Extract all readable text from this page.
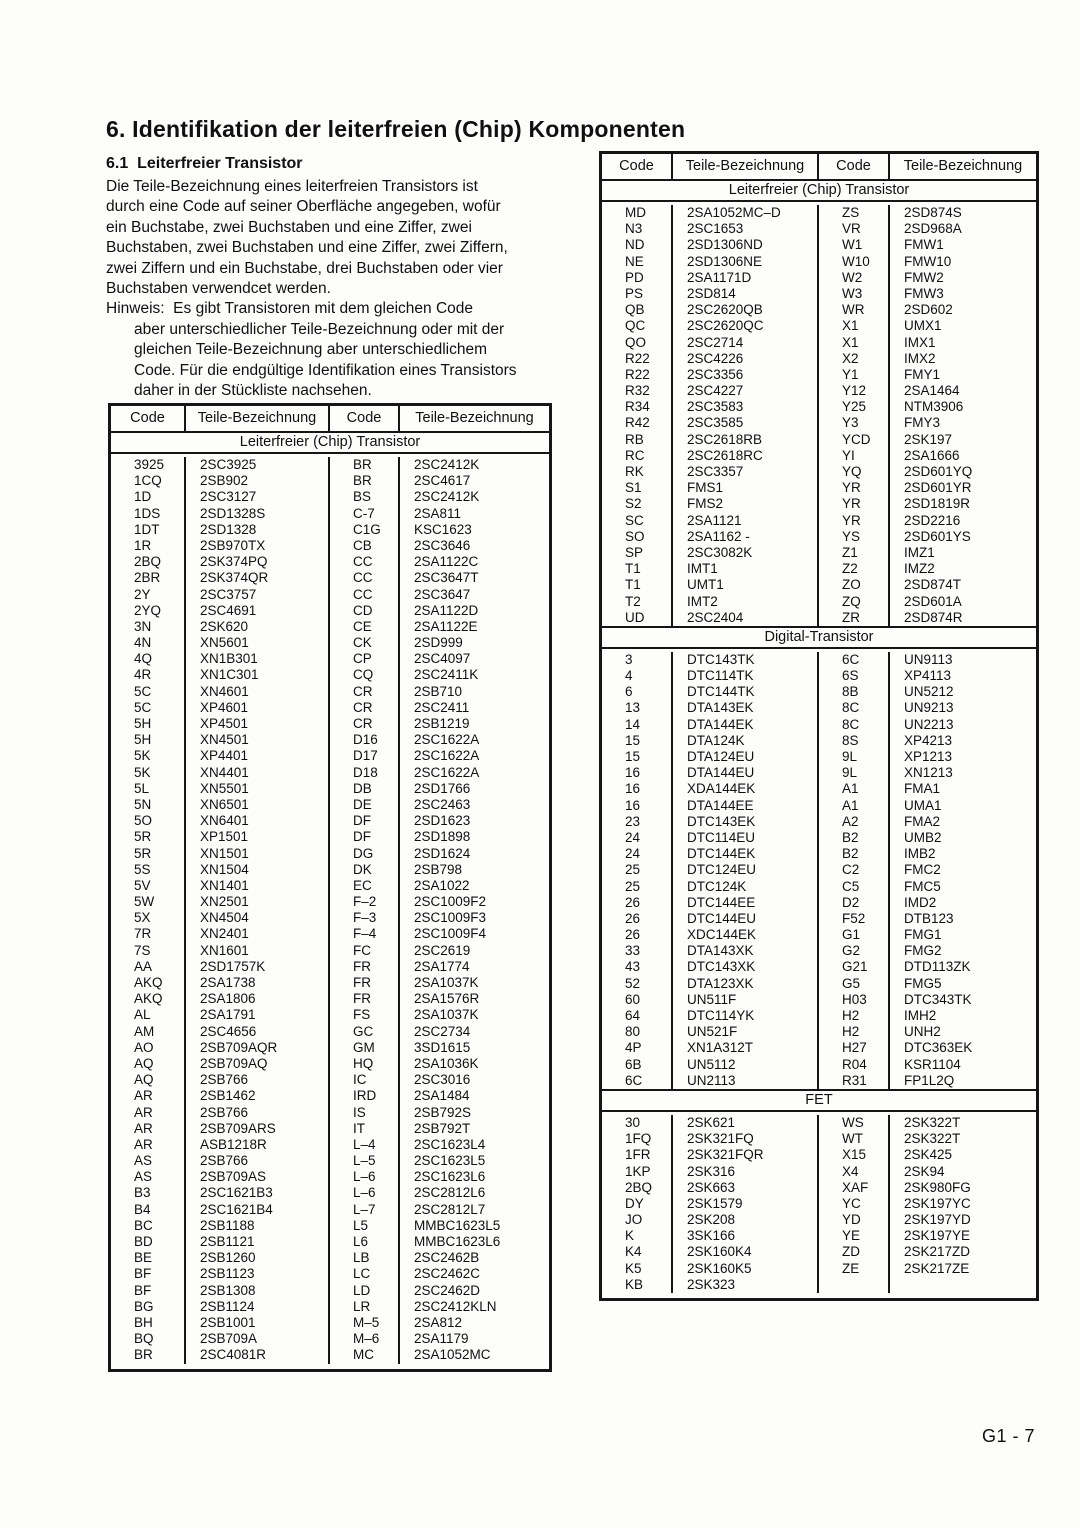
6. Identifikation der leiterfreien (Chip) Komponenten
6.1  Leiterfreier Transistor
Die Teile-Bezeichnung eines leiterfreien Transistors ist
durch eine Code auf seiner Oberfläche angegeben, wofür
ein Buchstabe, zwei Buchstaben und eine Ziffer, zwei
Buchstaben, zwei Buchstaben und eine Ziffer, zwei Ziffern,
zwei Ziffern und ein Buchstabe, drei Buchstaben oder vier
Buchstaben verwendcet werden.
Hinweis:  Es gibt Transistoren mit dem gleichen Code
aber unterschiedlicher Teile-Bezeichnung oder mit der
gleichen Teile-Bezeichnung aber unterschiedlichem
Code. Für die endgültige Identifikation eines Transistors
daher in der Stückliste nachsehen.
Code	Teile-Bezeichnung	Code	Teile-Bezeichnung
Leiterfreier (Chip) Transistor
3925	2SC3925	BR	2SC2412K
1CQ	2SB902	BR	2SC4617
1D	2SC3127	BS	2SC2412K
1DS	2SD1328S	C-7	2SA811
1DT	2SD1328	C1G	KSC1623
1R	2SB970TX	CB	2SC3646
2BQ	2SK374PQ	CC	2SA1122C
2BR	2SK374QR	CC	2SC3647T
2Y	2SC3757	CC	2SC3647
2YQ	2SC4691	CD	2SA1122D
3N	2SK620	CE	2SA1122E
4N	XN5601	CK	2SD999
4Q	XN1B301	CP	2SC4097
4R	XN1C301	CQ	2SC2411K
5C	XN4601	CR	2SB710
5C	XP4601	CR	2SC2411
5H	XP4501	CR	2SB1219
5H	XN4501	D16	2SC1622A
5K	XP4401	D17	2SC1622A
5K	XN4401	D18	2SC1622A
5L	XN5501	DB	2SD1766
5N	XN6501	DE	2SC2463
5O	XN6401	DF	2SD1623
5R	XP1501	DF	2SD1898
5R	XN1501	DG	2SD1624
5S	XN1504	DK	2SB798
5V	XN1401	EC	2SA1022
5W	XN2501	F–2	2SC1009F2
5X	XN4504	F–3	2SC1009F3
7R	XN2401	F–4	2SC1009F4
7S	XN1601	FC	2SC2619
AA	2SD1757K	FR	2SA1774
AKQ	2SA1738	FR	2SA1037K
AKQ	2SA1806	FR	2SA1576R
AL	2SA1791	FS	2SA1037K
AM	2SC4656	GC	2SC2734
AO	2SB709AQR	GM	3SD1615
AQ	2SB709AQ	HQ	2SA1036K
AQ	2SB766	IC	2SC3016
AR	2SB1462	IRD	2SA1484
AR	2SB766	IS	2SB792S
AR	2SB709ARS	IT	2SB792T
AR	ASB1218R	L–4	2SC1623L4
AS	2SB766	L–5	2SC1623L5
AS	2SB709AS	L–6	2SC1623L6
B3	2SC1621B3	L–6	2SC2812L6
B4	2SC1621B4	L–7	2SC2812L7
BC	2SB1188	L5	MMBC1623L5
BD	2SB1121	L6	MMBC1623L6
BE	2SB1260	LB	2SC2462B
BF	2SB1123	LC	2SC2462C
BF	2SB1308	LD	2SC2462D
BG	2SB1124	LR	2SC2412KLN
BH	2SB1001	M–5	2SA812
BQ	2SB709A	M–6	2SA1179
BR	2SC4081R	MC	2SA1052MC
Code	Teile-Bezeichnung	Code	Teile-Bezeichnung
Leiterfreier (Chip) Transistor
MD	2SA1052MC–D	ZS	2SD874S
N3	2SC1653	VR	2SD968A
ND	2SD1306ND	W1	FMW1
NE	2SD1306NE	W10	FMW10
PD	2SA1171D	W2	FMW2
PS	2SD814	W3	FMW3
QB	2SC2620QB	WR	2SD602
QC	2SC2620QC	X1	UMX1
QO	2SC2714	X1	IMX1
R22	2SC4226	X2	IMX2
R22	2SC3356	Y1	FMY1
R32	2SC4227	Y12	2SA1464
R34	2SC3583	Y25	NTM3906
R42	2SC3585	Y3	FMY3
RB	2SC2618RB	YCD	2SK197
RC	2SC2618RC	YI	2SA1666
RK	2SC3357	YQ	2SD601YQ
S1	FMS1	YR	2SD601YR
S2	FMS2	YR	2SD1819R
SC	2SA1121	YR	2SD2216
SO	2SA1162 -	YS	2SD601YS
SP	2SC3082K	Z1	IMZ1
T1	IMT1	Z2	IMZ2
T1	UMT1	ZO	2SD874T
T2	IMT2	ZQ	2SD601A
UD	2SC2404	ZR	2SD874R
Digital-Transistor
3	DTC143TK	6C	UN9113
4	DTC114TK	6S	XP4113
6	DTC144TK	8B	UN5212
13	DTA143EK	8C	UN9213
14	DTA144EK	8C	UN2213
15	DTA124K	8S	XP4213
15	DTA124EU	9L	XP1213
16	DTA144EU	9L	XN1213
16	XDA144EK	A1	FMA1
16	DTA144EE	A1	UMA1
23	DTC143EK	A2	FMA2
24	DTC114EU	B2	UMB2
24	DTC144EK	B2	IMB2
25	DTC124EU	C2	FMC2
25	DTC124K	C5	FMC5
26	DTC144EE	D2	IMD2
26	DTC144EU	F52	DTB123
26	XDC144EK	G1	FMG1
33	DTA143XK	G2	FMG2
43	DTC143XK	G21	DTD113ZK
52	DTA123XK	G5	FMG5
60	UN511F	H03	DTC343TK
64	DTC114YK	H2	IMH2
80	UN521F	H2	UNH2
4P	XN1A312T	H27	DTC363EK
6B	UN5112	R04	KSR1104
6C	UN2113	R31	FP1L2Q
FET
30	2SK621	WS	2SK322T
1FQ	2SK321FQ	WT	2SK322T
1FR	2SK321FQR	X15	2SK425
1KP	2SK316	X4	2SK94
2BQ	2SK663	XAF	2SK980FG
DY	2SK1579	YC	2SK197YC
JO	2SK208	YD	2SK197YD
K	3SK166	YE	2SK197YE
K4	2SK160K4	ZD	2SK217ZD
K5	2SK160K5	ZE	2SK217ZE
KB	2SK323
G1 - 7
